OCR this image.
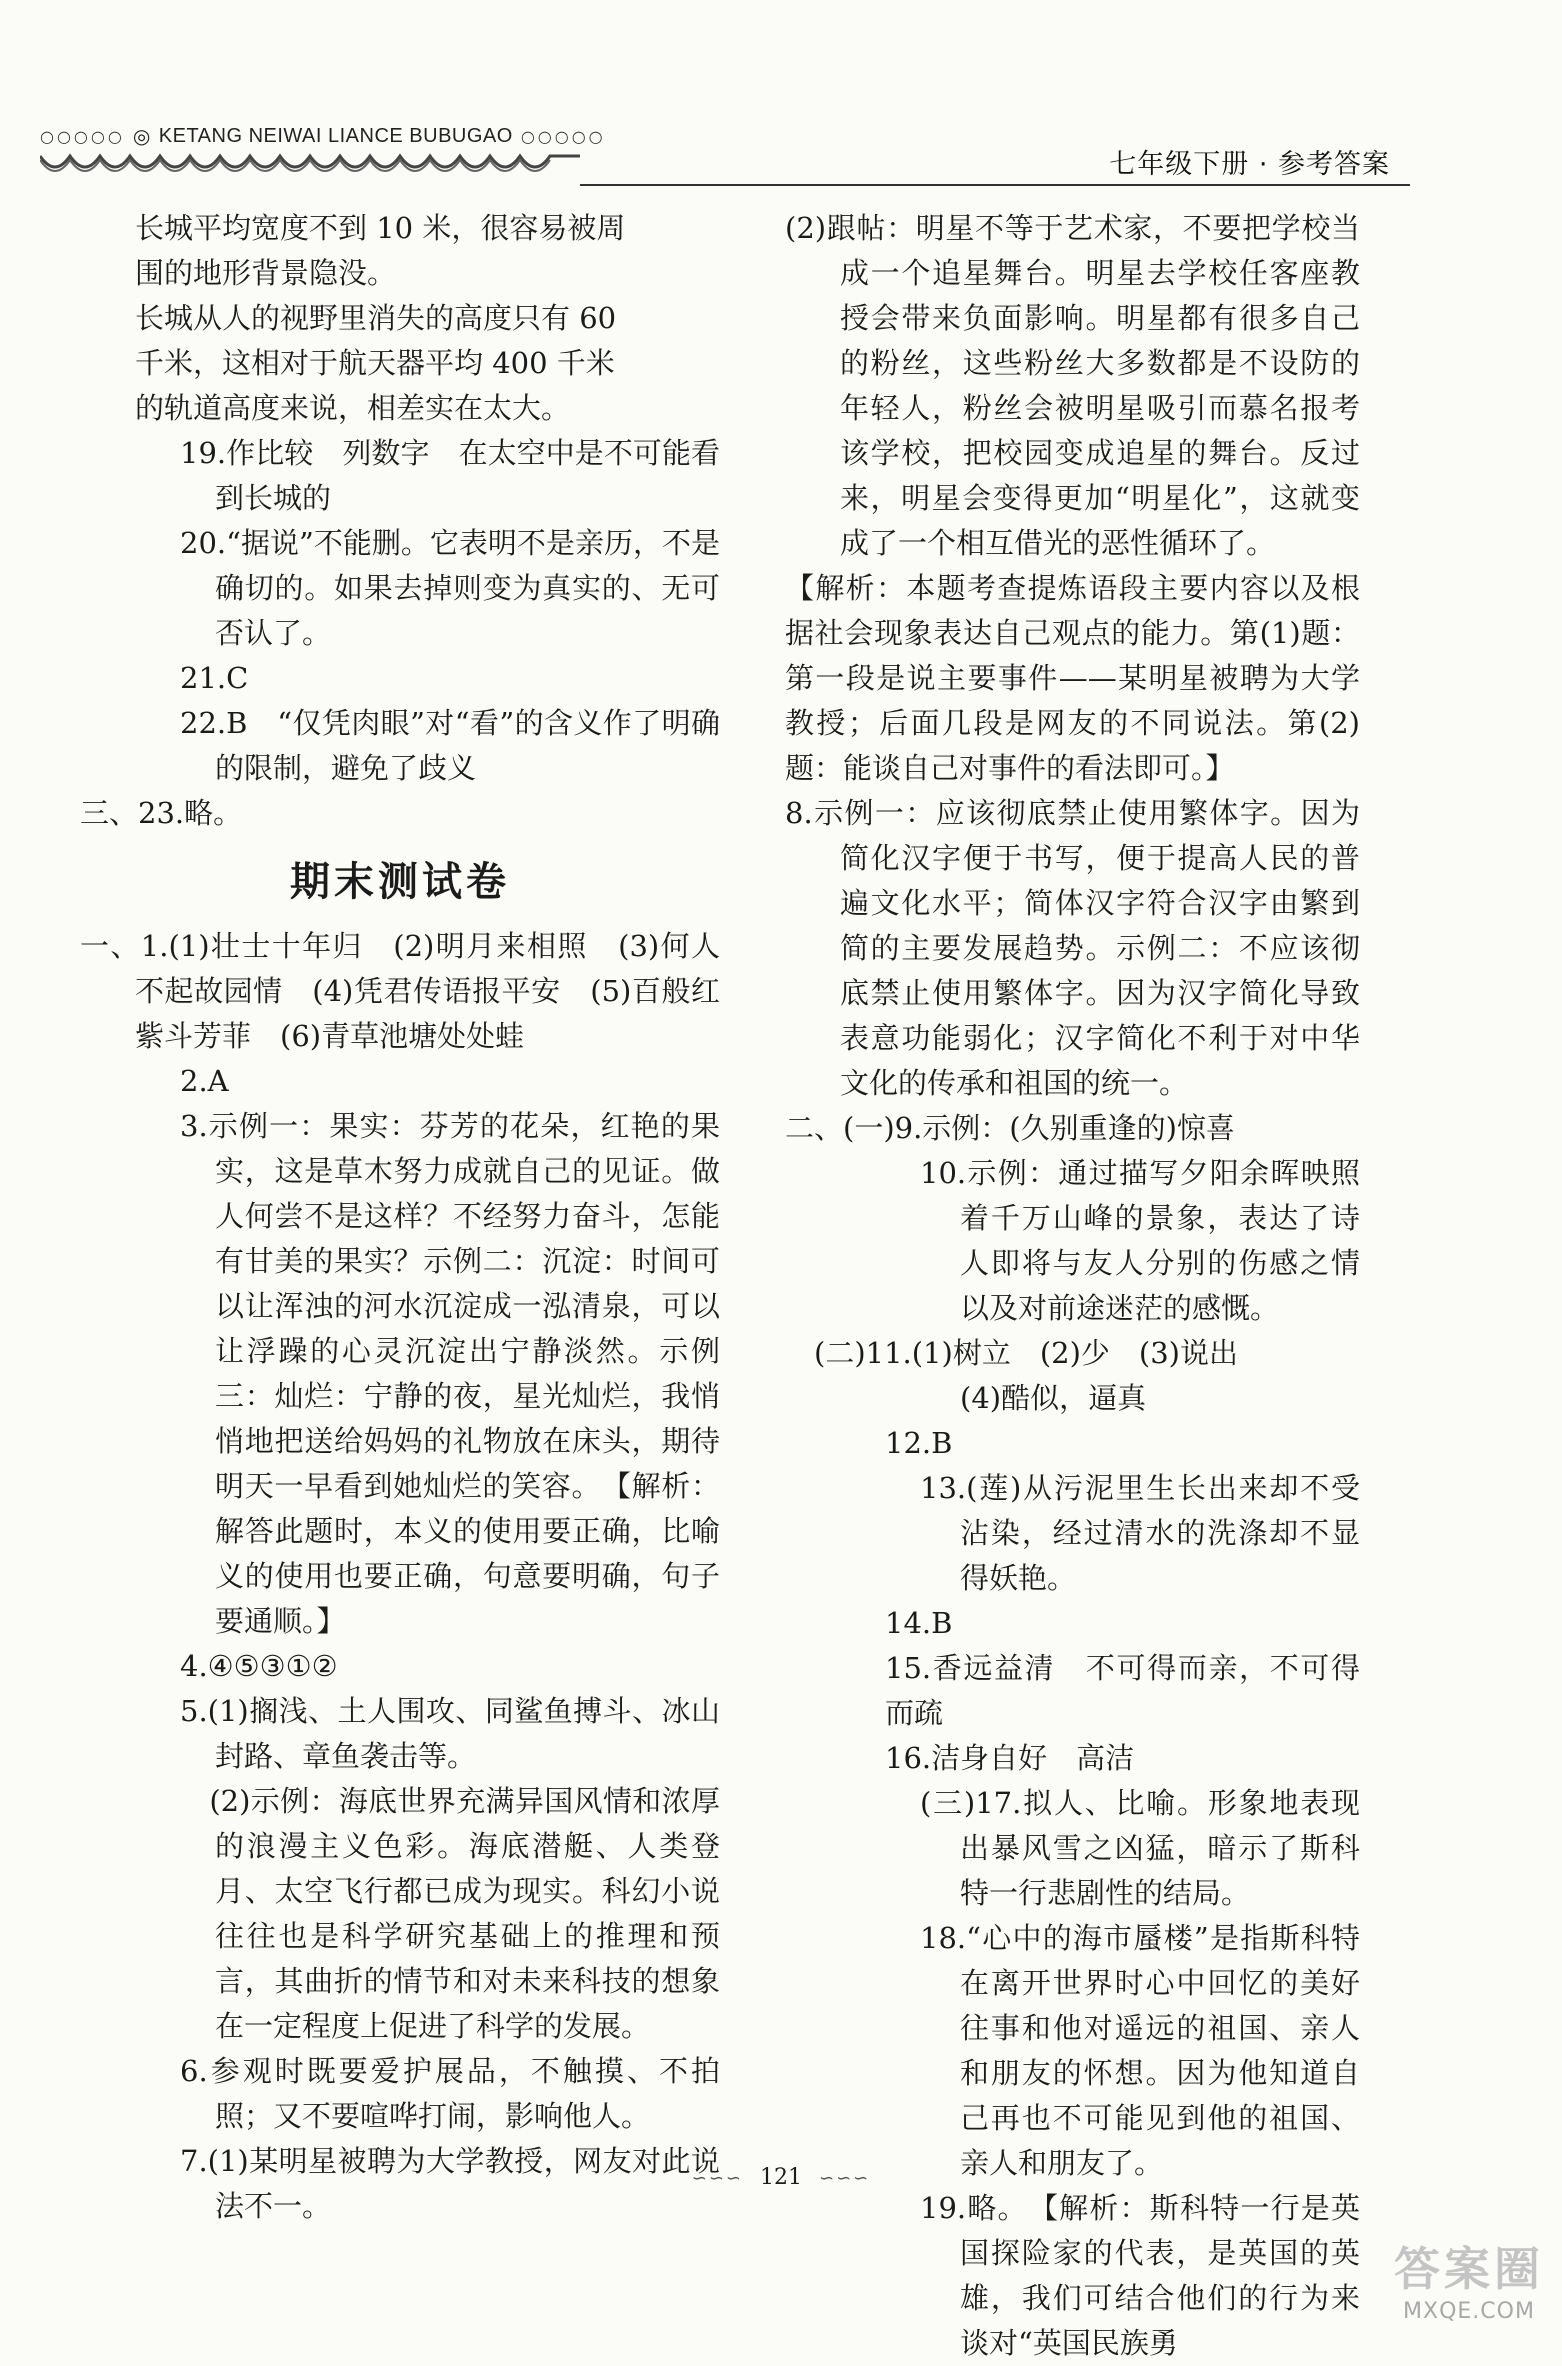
○○○○○ ◎ KETANG NEIWAI LIANCE BUBUGAO ○○○○○
七年级下册 · 参考答案

长城平均宽度不到 10 米，很容易被周

围的地形背景隐没。

长城从人的视野里消失的高度只有 60

千米，这相对于航天器平均 400 千米

的轨道高度来说，相差实在太大。

19.作比较　列数字　在太空中是不可能看到长城的

20.“据说”不能删。它表明不是亲历，不是确切的。如果去掉则变为真实的、无可否认了。

21.C

22.B　“仅凭肉眼”对“看”的含义作了明确的限制，避免了歧义

三、23.略。

期末测试卷

一、1.(1)壮士十年归　(2)明月来相照　(3)何人不起故园情　(4)凭君传语报平安　(5)百般红紫斗芳菲　(6)青草池塘处处蛙

2.A

3.示例一：果实：芬芳的花朵，红艳的果实，这是草木努力成就自己的见证。做人何尝不是这样？不经努力奋斗，怎能有甘美的果实？示例二：沉淀：时间可以让浑浊的河水沉淀成一泓清泉，可以让浮躁的心灵沉淀出宁静淡然。示例三：灿烂：宁静的夜，星光灿烂，我悄悄地把送给妈妈的礼物放在床头，期待明天一早看到她灿烂的笑容。　【解析：解答此题时，本义的使用要正确，比喻义的使用也要正确，句意要明确，句子要通顺。】

4.④⑤③①②

5.(1)搁浅、土人围攻、同鲨鱼搏斗、冰山封路、章鱼袭击等。

　(2)示例：海底世界充满异国风情和浓厚的浪漫主义色彩。海底潜艇、人类登月、太空飞行都已成为现实。科幻小说往往也是科学研究基础上的推理和预言，其曲折的情节和对未来科技的想象在一定程度上促进了科学的发展。

6.参观时既要爱护展品，不触摸、不拍照；又不要喧哗打闹，影响他人。

7.(1)某明星被聘为大学教授，网友对此说法不一。

(2)跟帖：明星不等于艺术家，不要把学校当成一个追星舞台。明星去学校任客座教授会带来负面影响。明星都有很多自己的粉丝，这些粉丝大多数都是不设防的年轻人，粉丝会被明星吸引而慕名报考该学校，把校园变成追星的舞台。反过来，明星会变得更加“明星化”，这就变成了一个相互借光的恶性循环了。

【解析：本题考查提炼语段主要内容以及根据社会现象表达自己观点的能力。第(1)题：第一段是说主要事件——某明星被聘为大学教授；后面几段是网友的不同说法。第(2)题：能谈自己对事件的看法即可。】

8.示例一：应该彻底禁止使用繁体字。因为简化汉字便于书写，便于提高人民的普遍文化水平；简体汉字符合汉字由繁到简的主要发展趋势。示例二：不应该彻底禁止使用繁体字。因为汉字简化导致表意功能弱化；汉字简化不利于对中华文化的传承和祖国的统一。

二、(一)9.示例：(久别重逢的)惊喜

10.示例：通过描写夕阳余晖映照着千万山峰的景象，表达了诗人即将与友人分别的伤感之情以及对前途迷茫的感慨。

　(二)11.(1)树立　(2)少　(3)说出

(4)酷似，逼真

12.B

13.(莲)从污泥里生长出来却不受沾染，经过清水的洗涤却不显得妖艳。

14.B

15.香远益清　不可得而亲，不可得而疏

16.洁身自好　高洁

(三)17.拟人、比喻。形象地表现出暴风雪之凶猛，暗示了斯科特一行悲剧性的结局。

18.“心中的海市蜃楼”是指斯科特在离开世界时心中回忆的美好往事和他对遥远的祖国、亲人和朋友的怀想。因为他知道自己再也不可能见到他的祖国、亲人和朋友了。

19.略。　【解析：斯科特一行是英国探险家的代表，是英国的英雄，我们可结合他们的行为来谈对“英国民族勇

∽∽∽ 121 ∽∽∽
答案圈
MXQE.COM
